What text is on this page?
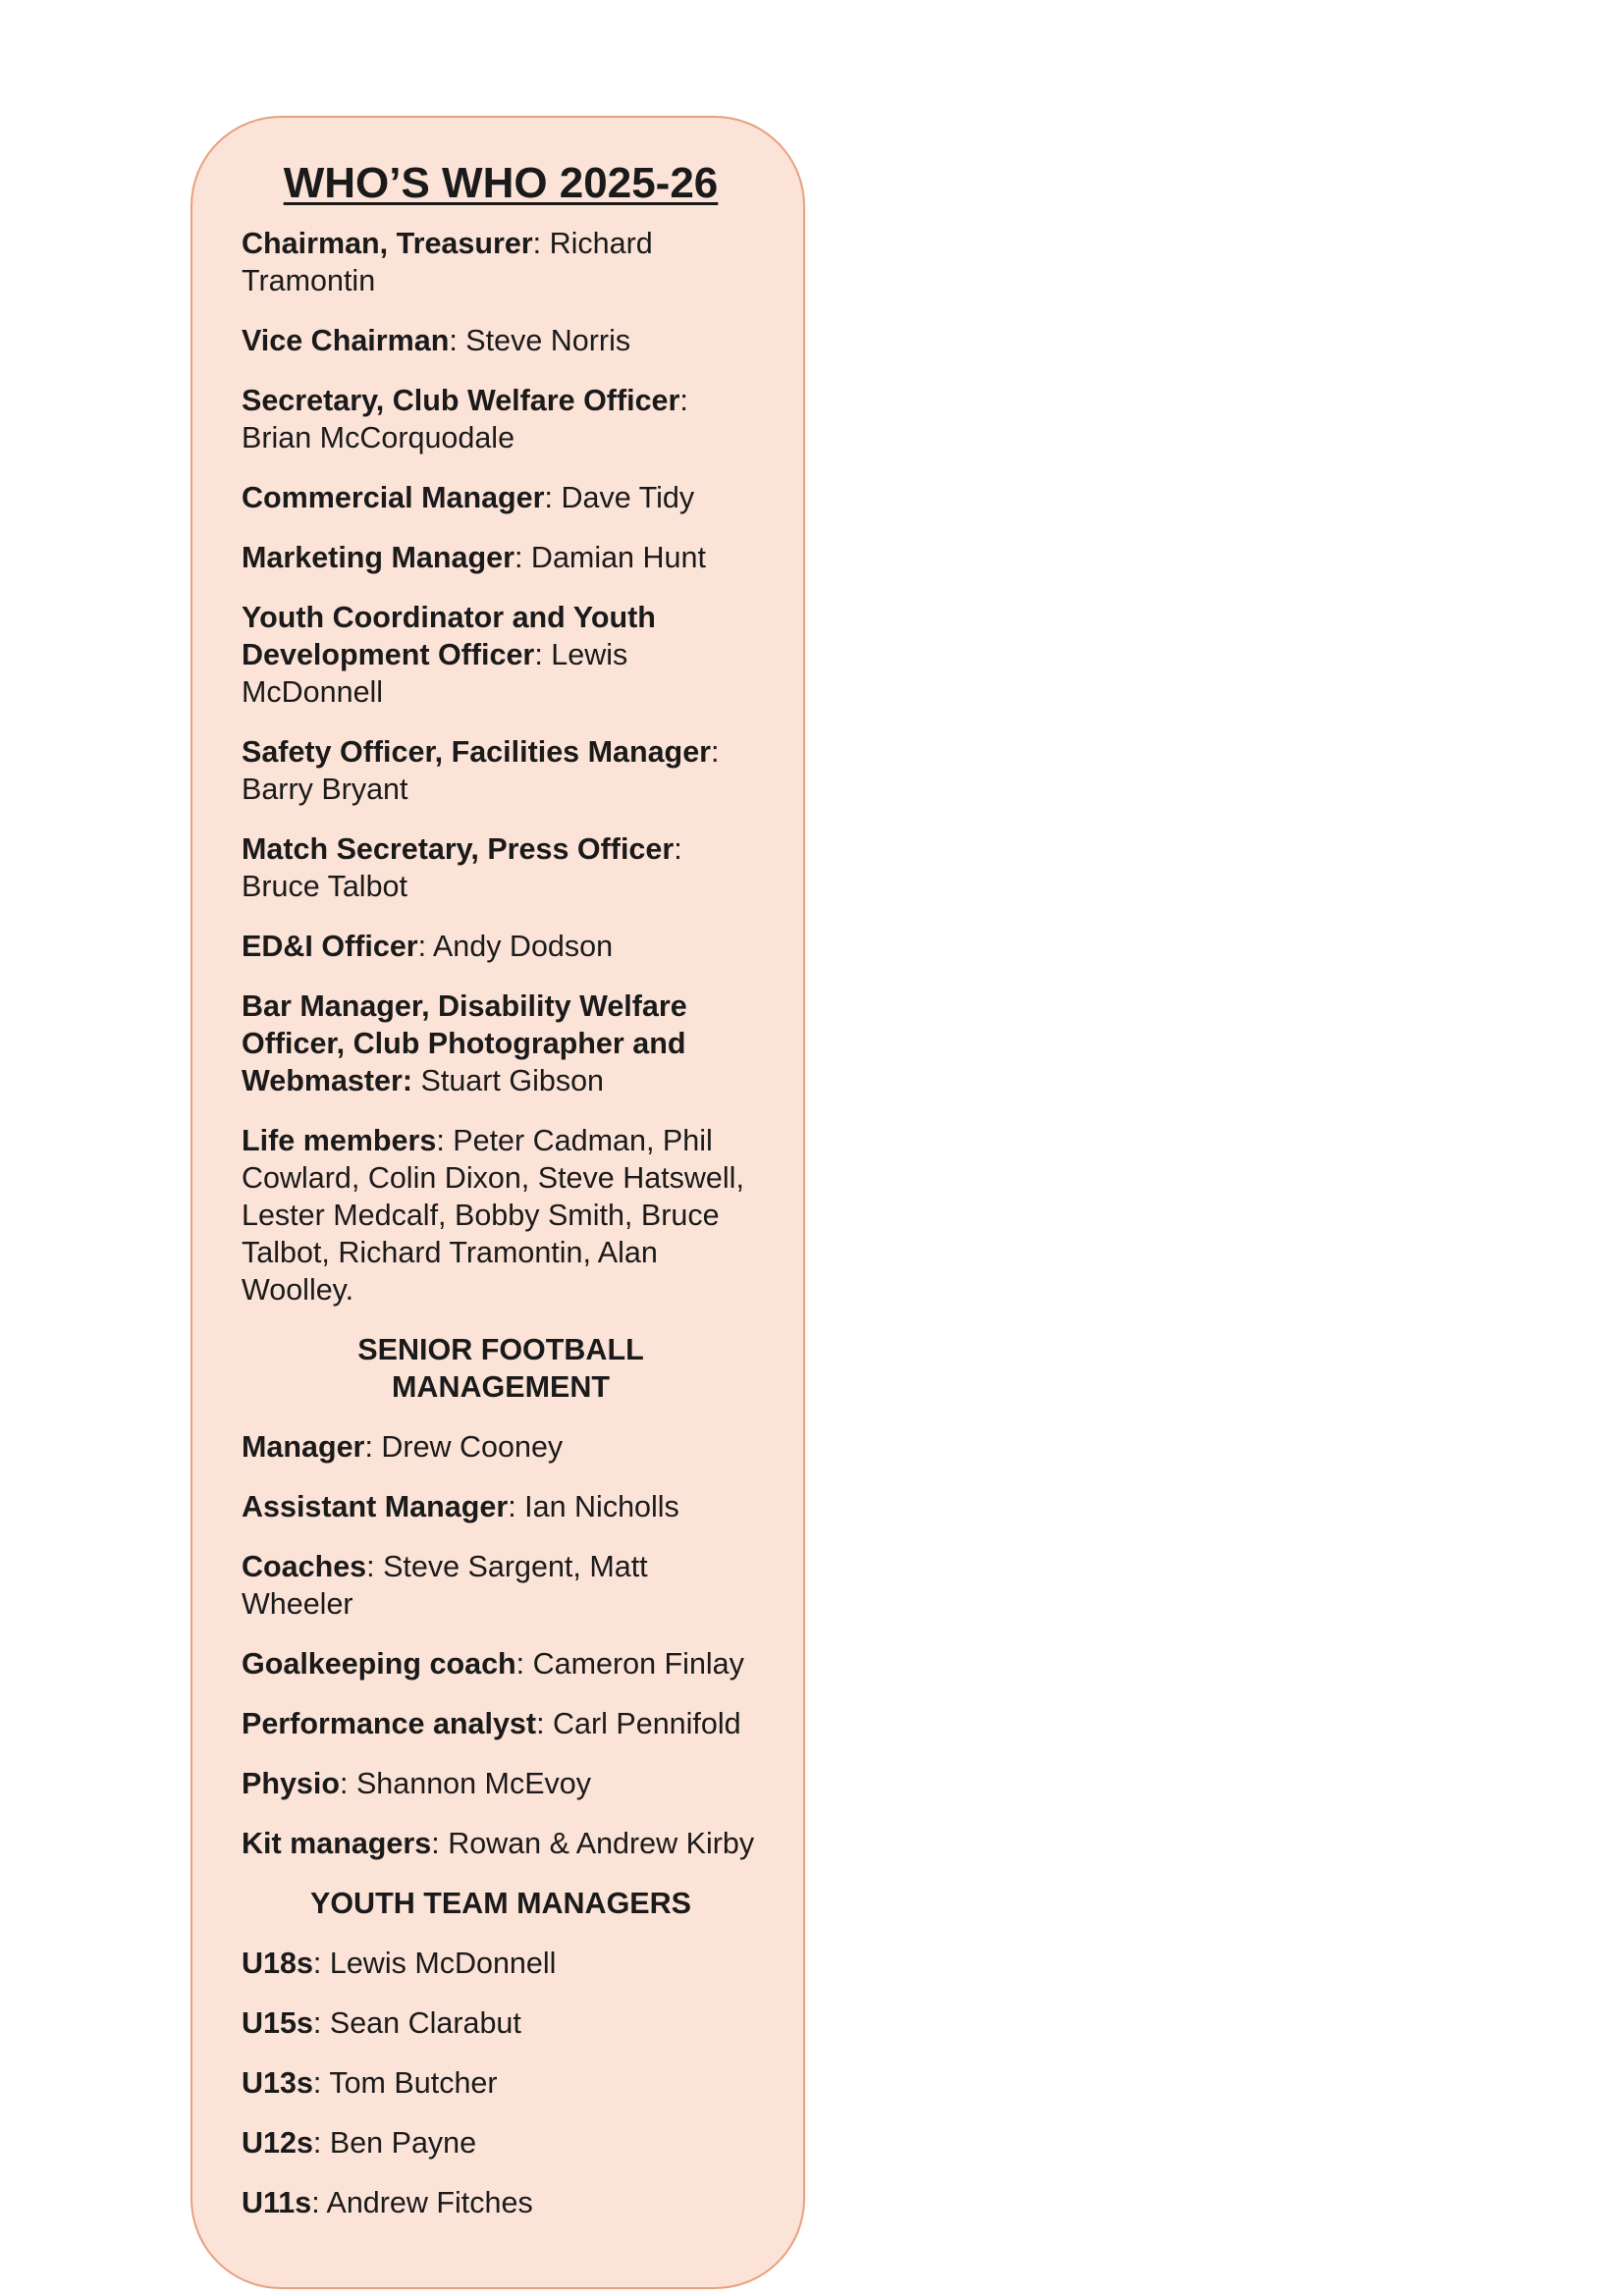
WHO’S WHO 2025-26
Chairman, Treasurer: Richard Tramontin
Vice Chairman: Steve Norris
Secretary, Club Welfare Officer: Brian McCorquodale
Commercial Manager: Dave Tidy
Marketing Manager: Damian Hunt
Youth Coordinator and Youth Development Officer: Lewis McDonnell
Safety Officer, Facilities Manager: Barry Bryant
Match Secretary, Press Officer: Bruce Talbot
ED&I Officer: Andy Dodson
Bar Manager, Disability Welfare Officer, Club Photographer and Webmaster: Stuart Gibson
Life members: Peter Cadman, Phil Cowlard, Colin Dixon, Steve Hatswell, Lester Medcalf, Bobby Smith, Bruce Talbot, Richard Tramontin, Alan Woolley.
SENIOR FOOTBALL MANAGEMENT
Manager: Drew Cooney
Assistant Manager: Ian Nicholls
Coaches: Steve Sargent, Matt Wheeler
Goalkeeping coach: Cameron Finlay
Performance analyst: Carl Pennifold
Physio: Shannon McEvoy
Kit managers: Rowan & Andrew Kirby
YOUTH TEAM MANAGERS
U18s: Lewis McDonnell
U15s: Sean Clarabut
U13s: Tom Butcher
U12s: Ben Payne
U11s: Andrew Fitches
